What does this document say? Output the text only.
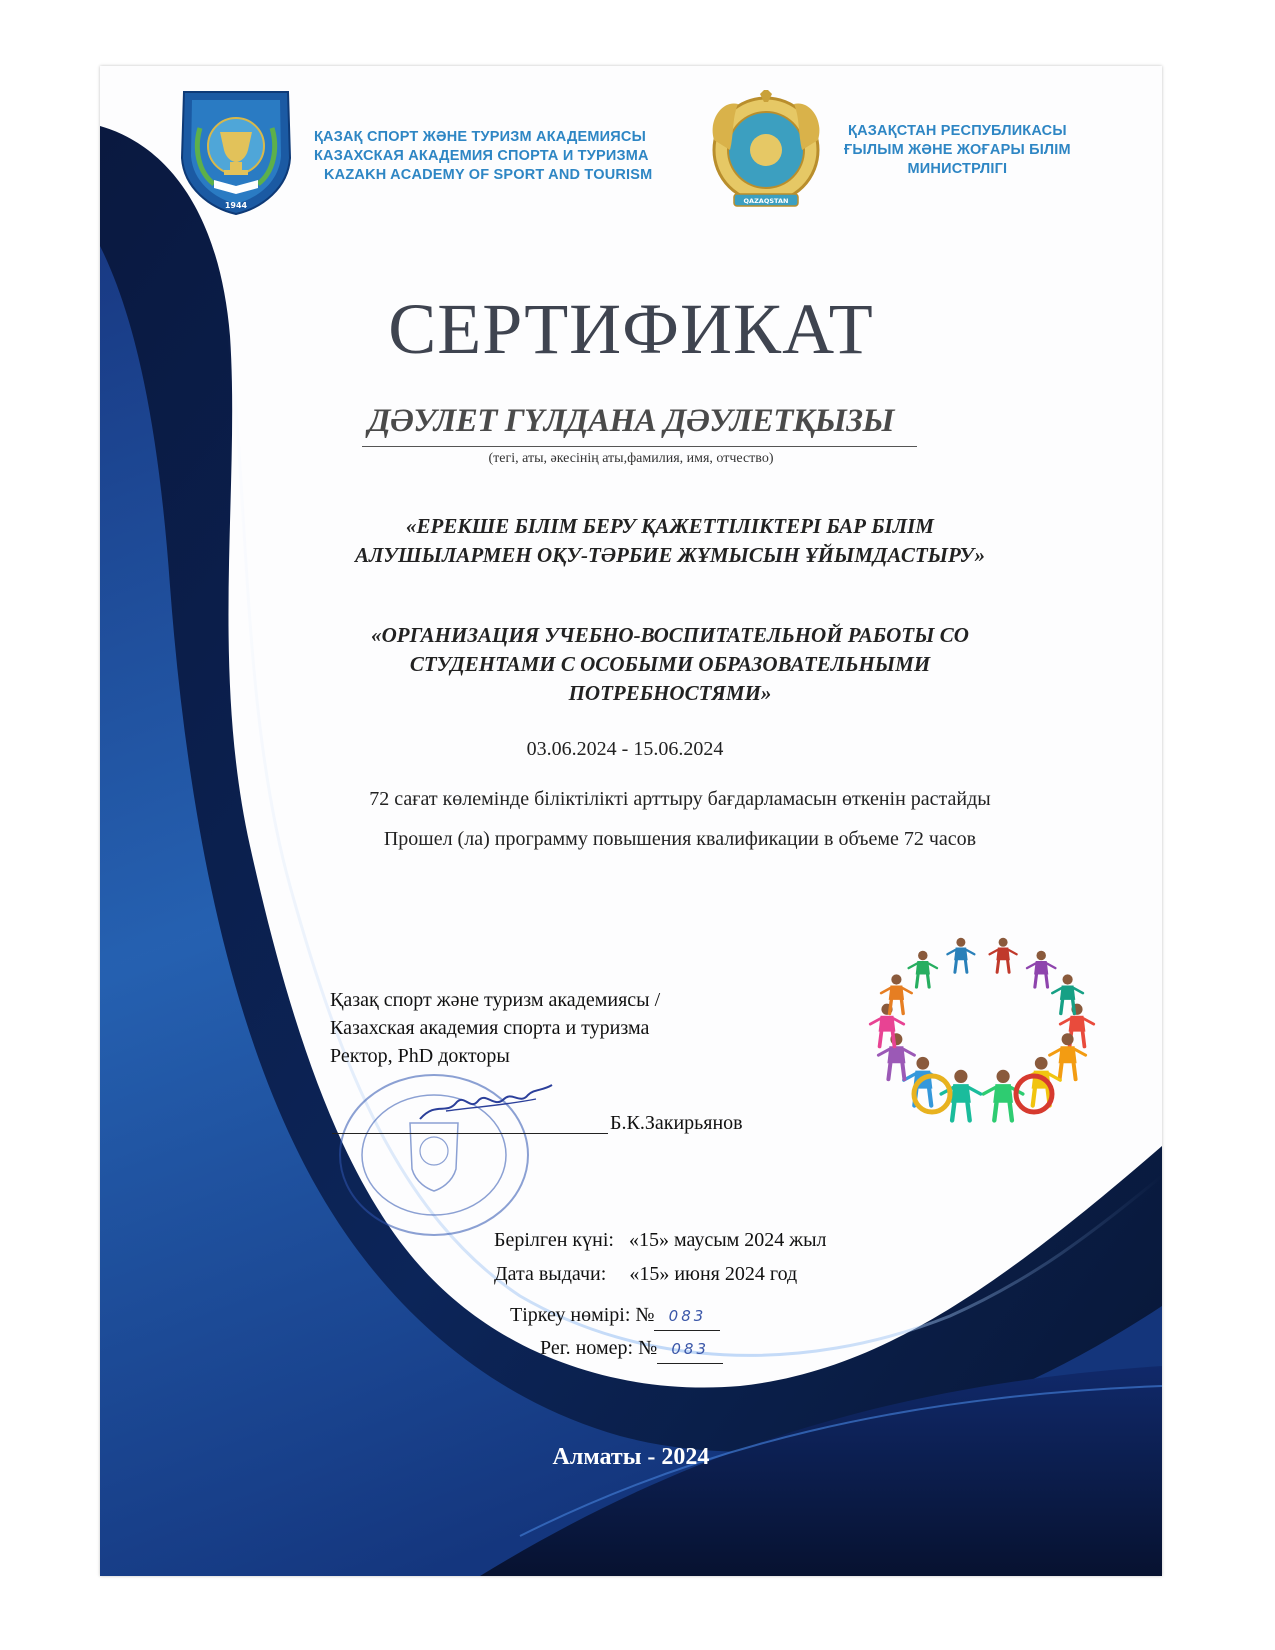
1944
ҚАЗАҚ СПОРТ ЖӘНЕ ТУРИЗМ АКАДЕМИЯСЫ
КАЗАХСКАЯ АКАДЕМИЯ СПОРТА И ТУРИЗМА
KAZAKH ACADEMY OF SPORT AND TOURISM
QAZAQSTAN
ҚАЗАҚСТАН РЕСПУБЛИКАСЫ
ҒЫЛЫМ ЖӘНЕ ЖОҒАРЫ БІЛІМ
МИНИСТРЛІГІ
СЕРТИФИКАТ
ДӘУЛЕТ ГҮЛДАНА ДӘУЛЕТҚЫЗЫ
(тегі, аты, әкесінің аты,фамилия, имя, отчество)
«ЕРЕКШЕ БІЛІМ БЕРУ ҚАЖЕТТІЛІКТЕРІ БАР БІЛІМ
АЛУШЫЛАРМЕН ОҚУ-ТӘРБИЕ ЖҰМЫСЫН ҰЙЫМДАСТЫРУ»
«ОРГАНИЗАЦИЯ УЧЕБНО-ВОСПИТАТЕЛЬНОЙ РАБОТЫ СО
СТУДЕНТАМИ С ОСОБЫМИ ОБРАЗОВАТЕЛЬНЫМИ
ПОТРЕБНОСТЯМИ»
03.06.2024 - 15.06.2024
72 сағат көлемінде біліктілікті арттыру бағдарламасын өткенін растайды
Прошел (ла) программу повышения квалификации в объеме 72 часов
Қазақ спорт және туризм академиясы /
Казахская академия спорта и туризма
Ректор, PhD докторы
Б.К.Закирьянов
Берілген күні: «15» маусым 2024 жыл
Дата выдачи: «15» июня 2024 год
Тіркеу нөмірі: № 083
Рег. номер: № 083
Алматы - 2024
